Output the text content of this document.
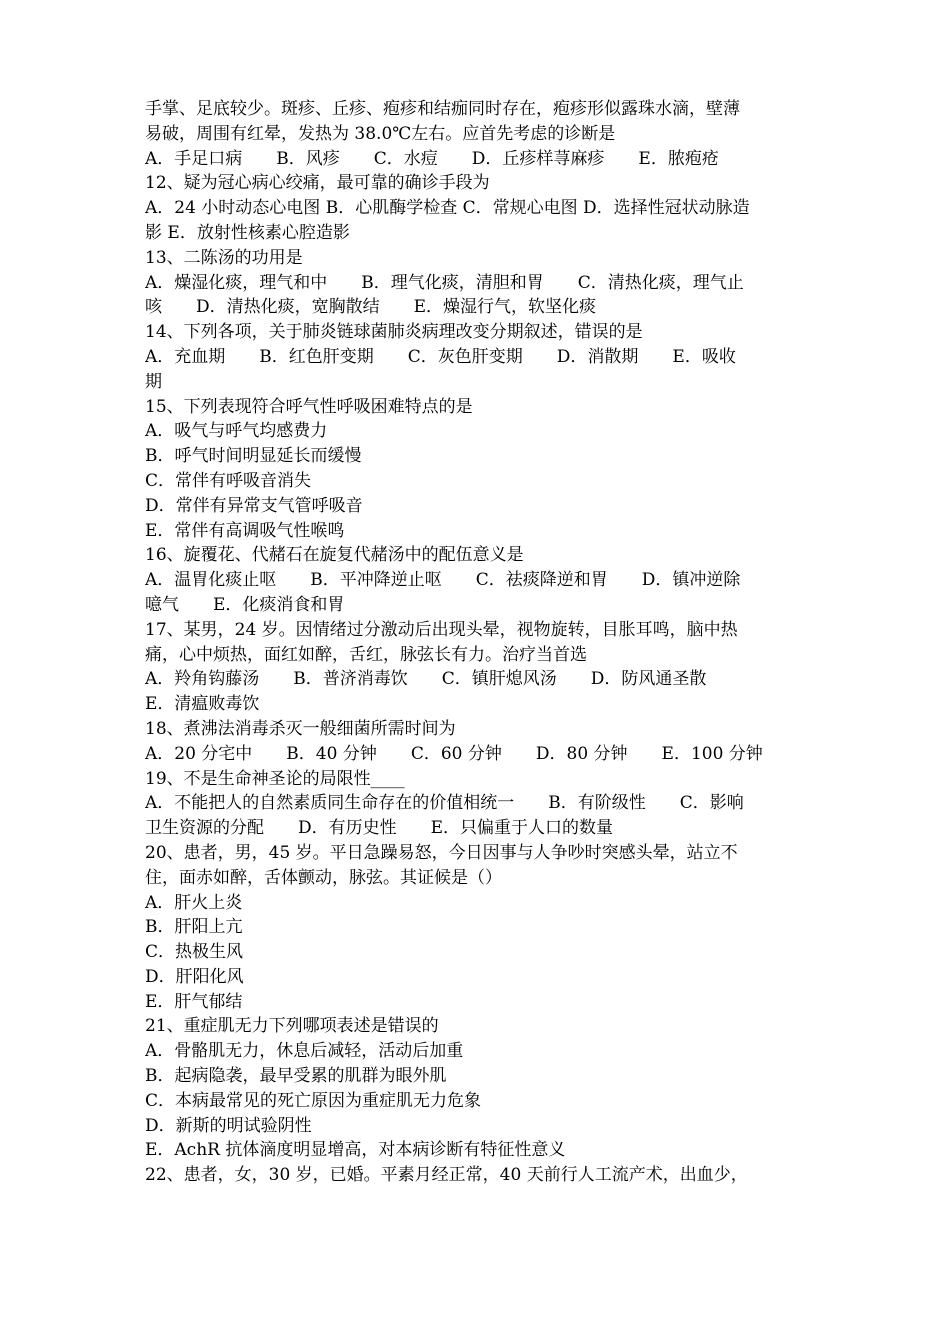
手掌、足底较少。斑疹、丘疹、疱疹和结痂同时存在，疱疹形似露珠水滴，壁薄
易破，周围有红晕，发热为 38.0℃左右。应首先考虑的诊断是
A．手足口病　　B．风疹　　C．水痘　　D．丘疹样荨麻疹　　E．脓疱疮
12、疑为冠心病心绞痛，最可靠的确诊手段为
A．24 小时动态心电图 B．心肌酶学检查 C．常规心电图 D．选择性冠状动脉造
影 E．放射性核素心腔造影
13、二陈汤的功用是
A．燥湿化痰，理气和中　　B．理气化痰，清胆和胃　　C．清热化痰，理气止
咳　　D．清热化痰，宽胸散结　　E．燥湿行气，软坚化痰
14、下列各项，关于肺炎链球菌肺炎病理改变分期叙述，错误的是
A．充血期　　B．红色肝变期　　C．灰色肝变期　　D．消散期　　E．吸收
期
15、下列表现符合呼气性呼吸困难特点的是
A．吸气与呼气均感费力
B．呼气时间明显延长而缓慢
C．常伴有呼吸音消失
D．常伴有异常支气管呼吸音
E．常伴有高调吸气性喉鸣
16、旋覆花、代赭石在旋复代赭汤中的配伍意义是
A．温胃化痰止呕　　B．平冲降逆止呕　　C．祛痰降逆和胃　　D．镇冲逆除
噫气　　E．化痰消食和胃
17、某男，24 岁。因情绪过分激动后出现头晕，视物旋转，目胀耳鸣，脑中热
痛，心中烦热，面红如醉，舌红，脉弦长有力。治疗当首选
A．羚角钩藤汤　　B．普济消毒饮　　C．镇肝熄风汤　　D．防风通圣散
E．清瘟败毒饮
18、煮沸法消毒杀灭一般细菌所需时间为
A．20 分宅中　　B．40 分钟　　C．60 分钟　　D．80 分钟　　E．100 分钟
19、不是生命神圣论的局限性____
A．不能把人的自然素质同生命存在的价值相统一　　B．有阶级性　　C．影响
卫生资源的分配　　D．有历史性　　E．只偏重于人口的数量
20、患者，男，45 岁。平日急躁易怒，今日因事与人争吵时突感头晕，站立不
住，面赤如醉，舌体颤动，脉弦。其证候是（）
A．肝火上炎
B．肝阳上亢
C．热极生风
D．肝阳化风
E．肝气郁结
21、重症肌无力下列哪项表述是错误的
A．骨骼肌无力，休息后减轻，活动后加重
B．起病隐袭，最早受累的肌群为眼外肌
C．本病最常见的死亡原因为重症肌无力危象
D．新斯的明试验阴性
E．AchR 抗体滴度明显增高，对本病诊断有特征性意义
22、患者，女，30 岁，已婚。平素月经正常，40 天前行人工流产术，出血少，
